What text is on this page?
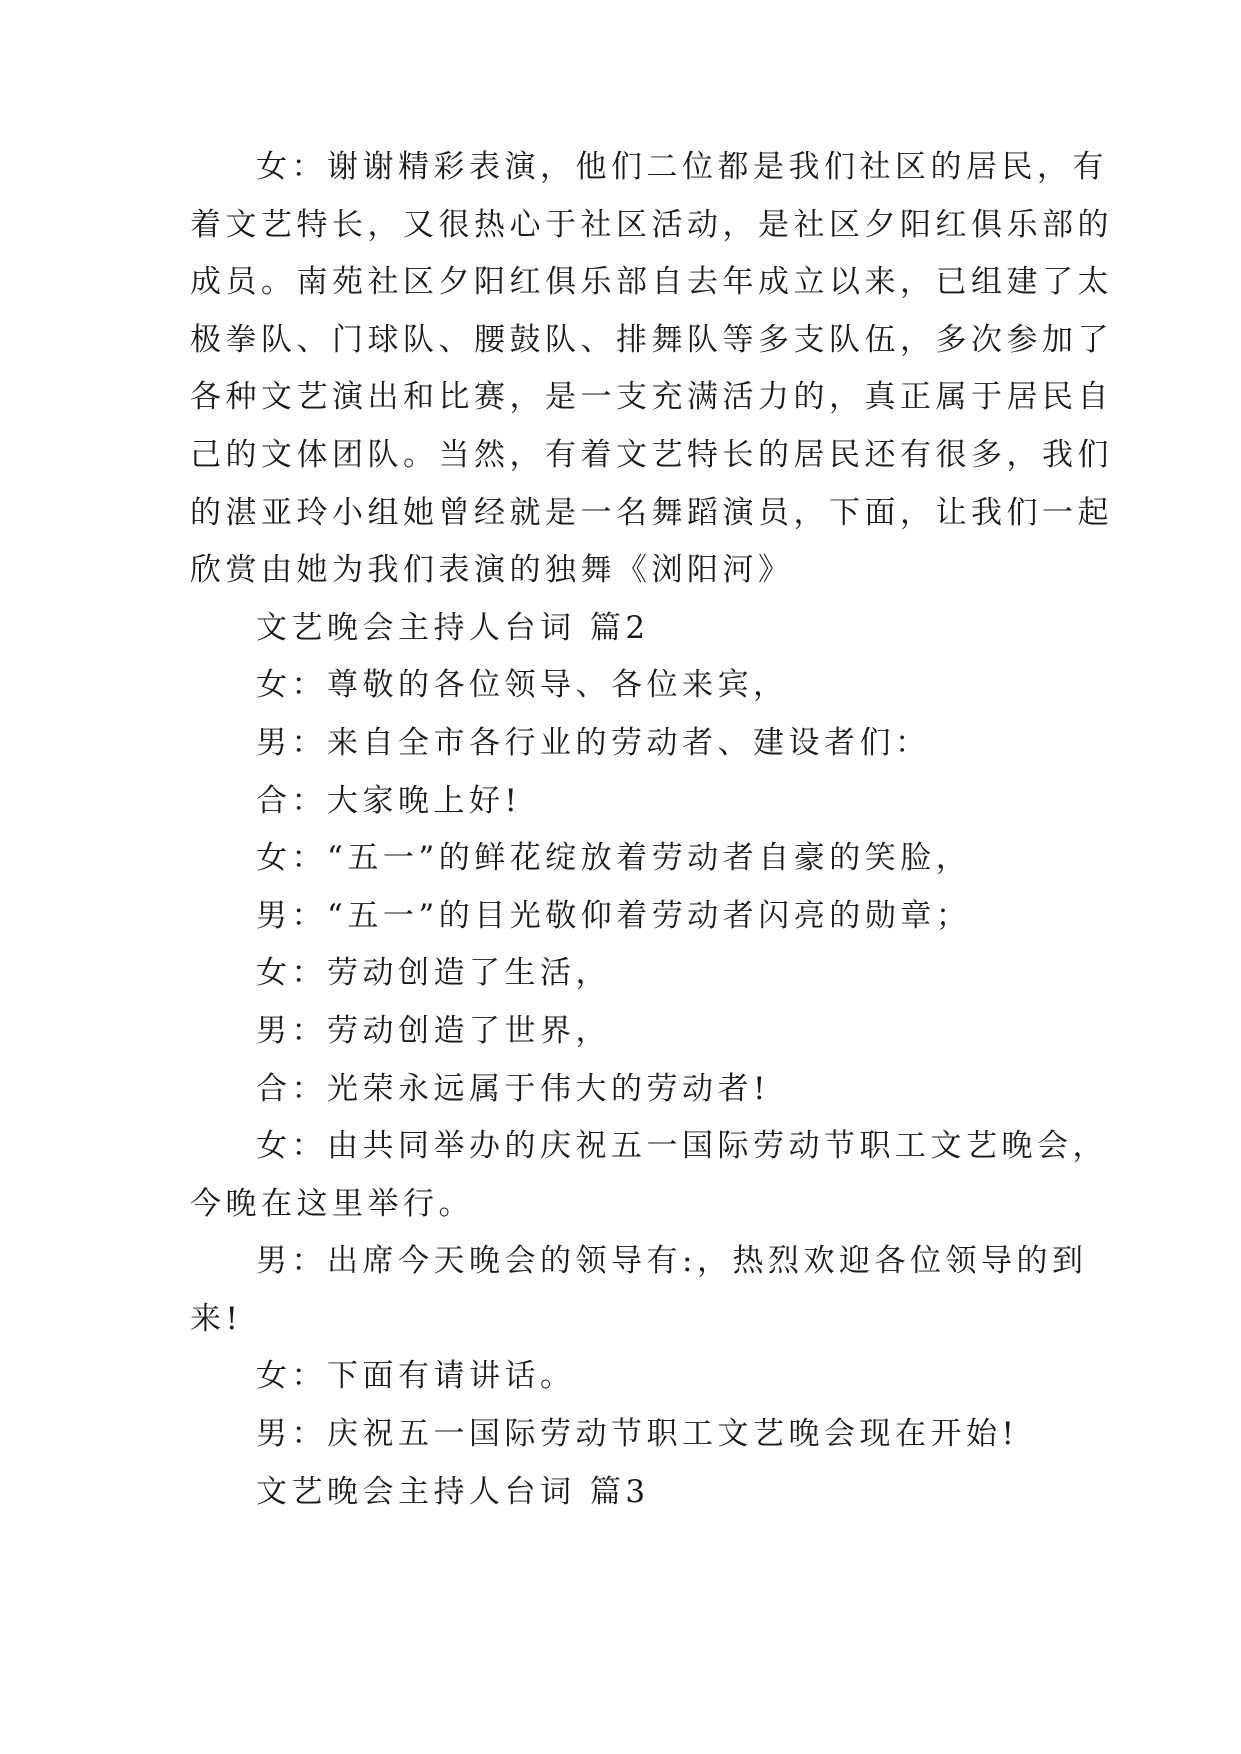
女：谢谢精彩表演，他们二位都是我们社区的居民，有
着文艺特长，又很热心于社区活动，是社区夕阳红俱乐部的
成员。南苑社区夕阳红俱乐部自去年成立以来，已组建了太
极拳队、门球队、腰鼓队、排舞队等多支队伍，多次参加了
各种文艺演出和比赛，是一支充满活力的，真正属于居民自
己的文体团队。当然，有着文艺特长的居民还有很多，我们
的湛亚玲小组她曾经就是一名舞蹈演员，下面，让我们一起
欣赏由她为我们表演的独舞《浏阳河》
文艺晚会主持人台词 篇2
女：尊敬的各位领导、各位来宾，
男：来自全市各行业的劳动者、建设者们：
合：大家晚上好!
女：“五一”的鲜花绽放着劳动者自豪的笑脸，
男：“五一”的目光敬仰着劳动者闪亮的勋章；
女：劳动创造了生活，
男：劳动创造了世界，
合：光荣永远属于伟大的劳动者!
女：由共同举办的庆祝五一国际劳动节职工文艺晚会，
今晚在这里举行。
男：出席今天晚会的领导有:，热烈欢迎各位领导的到
来!
女：下面有请讲话。
男：庆祝五一国际劳动节职工文艺晚会现在开始!
文艺晚会主持人台词 篇3
